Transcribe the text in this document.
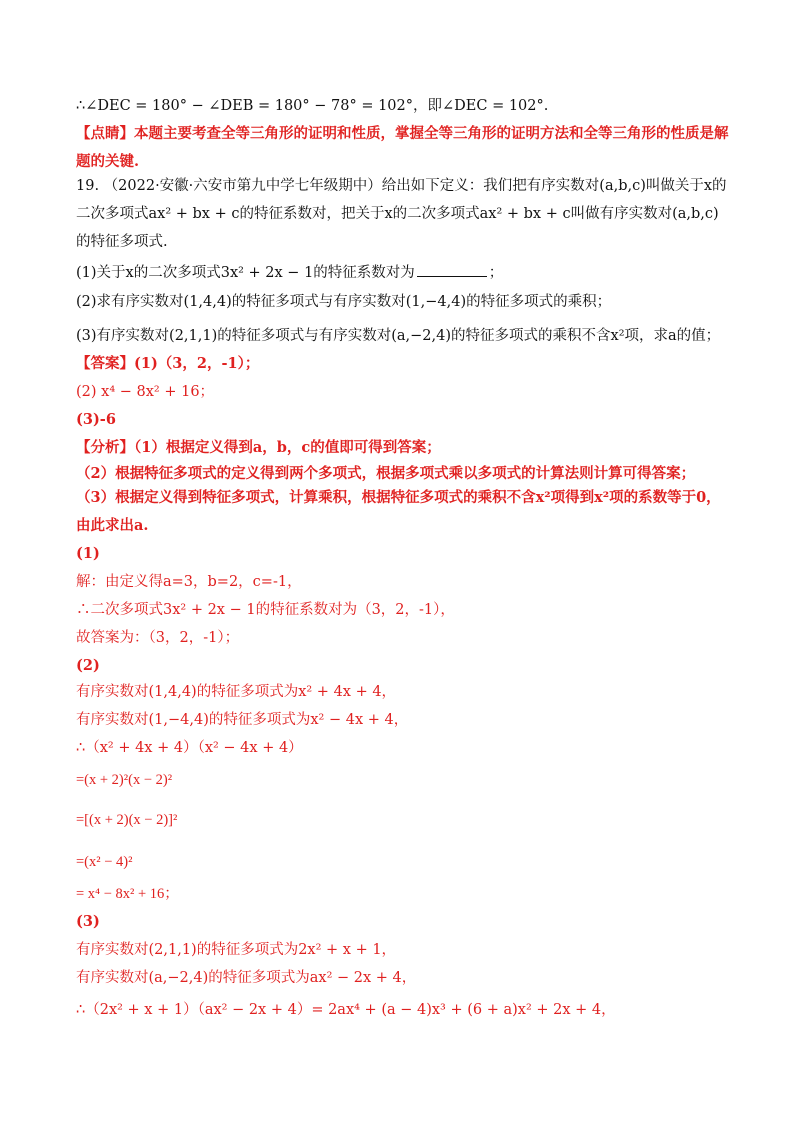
∴∠DEC = 180° − ∠DEB = 180° − 78° = 102°，即∠DEC = 102°.
【点睛】本题主要考查全等三角形的证明和性质，掌握全等三角形的证明方法和全等三角形的性质是解题的关键.
19. （2022·安徽·六安市第九中学七年级期中）给出如下定义：我们把有序实数对(a,b,c)叫做关于x的二次多项式ax² + bx + c的特征系数对，把关于x的二次多项式ax² + bx + c叫做有序实数对(a,b,c)的特征多项式.
(1)关于x的二次多项式3x² + 2x − 1的特征系数对为	；
(2)求有序实数对(1,4,4)的特征多项式与有序实数对(1,−4,4)的特征多项式的乘积；
(3)有序实数对(2,1,1)的特征多项式与有序实数对(a,−2,4)的特征多项式的乘积不含x²项，求a的值；
【答案】(1)（3，2，-1）；
(2) x⁴ − 8x² + 16；
(3)-6
【分析】（1）根据定义得到a，b，c的值即可得到答案；
（2）根据特征多项式的定义得到两个多项式，根据多项式乘以多项式的计算法则计算可得答案；
（3）根据定义得到特征多项式，计算乘积，根据特征多项式的乘积不含x²项得到x²项的系数等于0，由此求出a.
(1)
解：由定义得a=3，b=2，c=-1，
∴二次多项式3x² + 2x − 1的特征系数对为（3，2，-1），
故答案为：（3，2，-1）；
(2)
有序实数对(1,4,4)的特征多项式为x² + 4x + 4，
有序实数对(1,−4,4)的特征多项式为x² − 4x + 4，
∴（x² + 4x + 4）（x² − 4x + 4）
=(x + 2)²(x − 2)²
=[(x + 2)(x − 2)]²
=(x² − 4)²
= x⁴ − 8x² + 16；
(3)
有序实数对(2,1,1)的特征多项式为2x² + x + 1，
有序实数对(a,−2,4)的特征多项式为ax² − 2x + 4，
∴（2x² + x + 1）（ax² − 2x + 4）= 2ax⁴ + (a − 4)x³ + (6 + a)x² + 2x + 4，
